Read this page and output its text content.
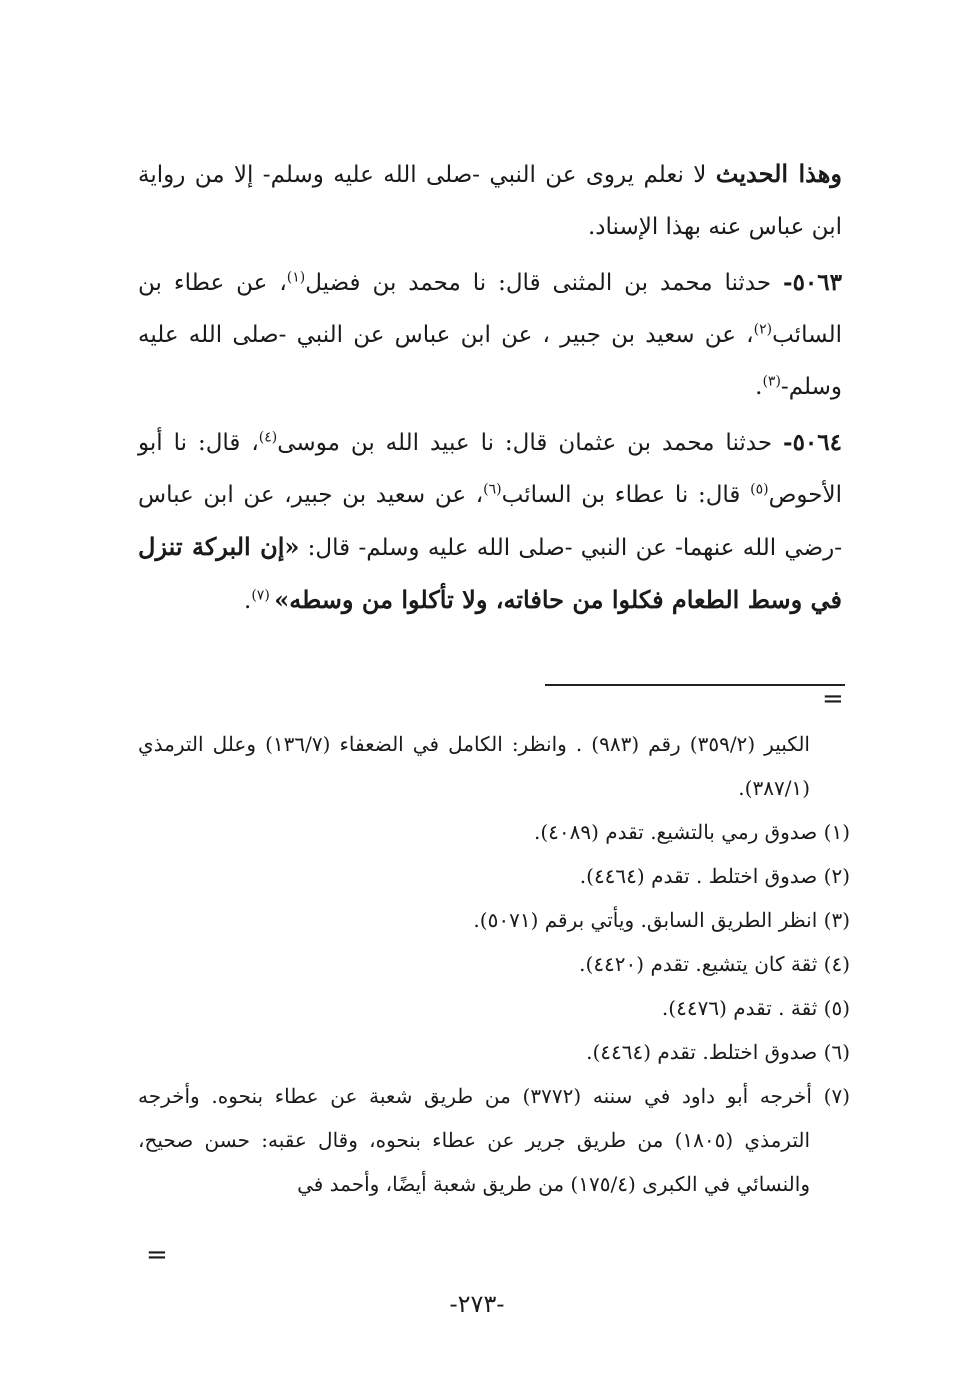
وهذا الحديث لا نعلم يروى عن النبي -صلى الله عليه وسلم- إلا من رواية ابن عباس عنه بهذا الإسناد.

٥٠٦٣- حدثنا محمد بن المثنى قال: نا محمد بن فضيل$^{(١)}$، عن عطاء بن السائب$^{(٢)}$، عن سعيد بن جبير ، عن ابن عباس عن النبي -صلى الله عليه وسلم-$^{(٣)}$.

٥٠٦٤- حدثنا محمد بن عثمان قال: نا عبيد الله بن موسى$^{(٤)}$، قال: نا أبو الأحوص$^{(٥)}$ قال: نا عطاء بن السائب$^{(٦)}$، عن سعيد بن جبير، عن ابن عباس -رضي الله عنهما- عن النبي -صلى الله عليه وسلم- قال: «إن البركة تنزل في وسط الطعام فكلوا من حافاته، ولا تأكلوا من وسطه» $^{(٧)}$.

=

الكبير (٣٥٩/٢) رقم (٩٨٣) . وانظر: الكامل في الضعفاء (١٣٦/٧) وعلل الترمذي (٣٨٧/١).

(١) صدوق رمي بالتشيع. تقدم (٤٠٨٩).

(٢) صدوق اختلط . تقدم (٤٤٦٤).

(٣) انظر الطريق السابق. ويأتي برقم (٥٠٧١).

(٤) ثقة كان يتشيع. تقدم (٤٤٢٠).

(٥) ثقة . تقدم (٤٤٧٦).

(٦) صدوق اختلط. تقدم (٤٤٦٤).

(٧) أخرجه أبو داود في سننه (٣٧٧٢) من طريق شعبة عن عطاء بنحوه. وأخرجه الترمذي (١٨٠٥) من طريق جرير عن عطاء بنحوه، وقال عقبه: حسن صحيح، والنسائي في الكبرى (١٧٥/٤) من طريق شعبة أيضًا، وأحمد في

=
-٢٧٣-
